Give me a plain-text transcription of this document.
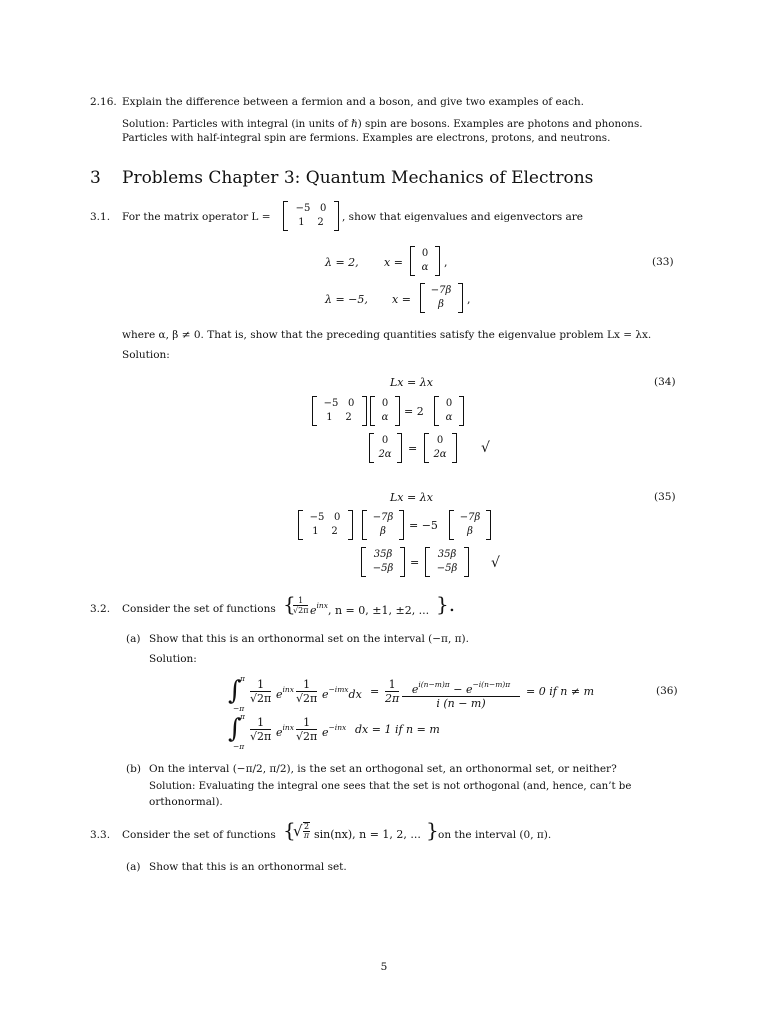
2.16. Explain the difference between a fermion and a boson, and give two examples of each.
Solution: Particles with integral (in units of ℏ) spin are bosons. Examples are photons and phonons.
Particles with half-integral spin are fermions. Examples are electrons, protons, and neutrons.
3 Problems Chapter 3: Quantum Mechanics of Electrons
3.1. For the matrix operator L =
−5 0
1 2	, show that eigenvalues and eigenvectors are
λ = 2, x =
0
α	,	(33)
λ = −5, x =
−7β
β	,
where α, β ≠ 0. That is, show that the preceding quantities satisfy the eigenvalue problem Lx = λx.
Solution:
Lx = λx	(34)
−5 0
1 2
0
α	= 2
0
α
0
2α	=
0
2α	√
Lx = λx	(35)
−5 0
1 2
−7β
β	= −5
−7β
β
35β
−5β	=
35β
−5β	√
3.2. Consider the set of functions {
$\frac{1}{√2\pi} e^{inx}$, n = 0, ±1, ±2, ... }.
(a) Show that this is an orthonormal set on the interval (−π, π).
Solution:
∫
π
−π
$\frac{1}{√2\pi} e^{inx} \frac{1}{√2\pi} e^{-imx}dx = \frac{1}{2\pi} \frac{e^{i(n-m)\pi} - e^{-i(n-m)\pi}}{i (n - m)} = 0$ if n ≠ m	(36)
∫
π
−π
$\frac{1}{√2\pi} e^{inx} \frac{1}{√2\pi} e^{-inx}$ dx = 1 if n = m
(b) On the interval (−π/2, π/2), is the set an orthogonal set, an orthonormal set, or neither?
Solution: Evaluating the integral one sees that the set is not orthogonal (and, hence, can’t be
orthonormal).
3.3. Consider the set of functions {
√ $\frac{2}{\pi} \sin(nx)$, n = 1, 2, ... } on the interval (0, π).
(a) Show that this is an orthonormal set.
5
